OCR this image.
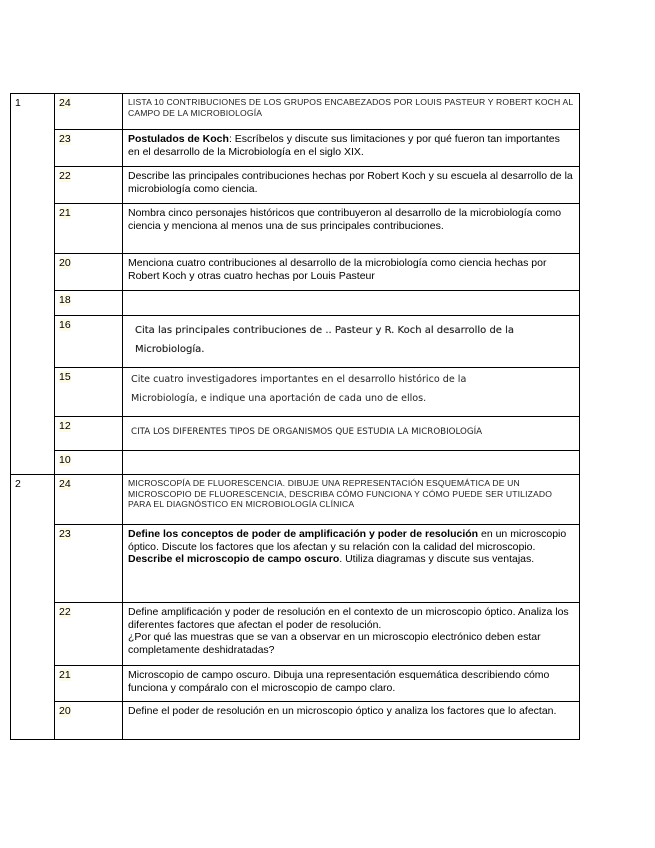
1	24	LISTA 10 CONTRIBUCIONES DE LOS GRUPOS ENCABEZADOS POR LOUIS PASTEUR Y ROBERT KOCH AL CAMPO DE LA MICROBIOLOGÍA
	23	Postulados de Koch: Escríbelos y discute sus limitaciones y por qué fueron tan importantes en el desarrollo de la Microbiología en el siglo XIX.
	22	Describe las principales contribuciones hechas por Robert Koch y su escuela al desarrollo de la microbiología como ciencia.
	21	Nombra cinco personajes históricos que contribuyeron al desarrollo de la microbiología como ciencia y menciona al menos una de sus principales contribuciones.
	20	Menciona cuatro contribuciones al desarrollo de la microbiología como ciencia hechas por Robert Koch y otras cuatro hechas por Louis Pasteur
	18	
	16	Cita las principales contribuciones de .. Pasteur y R. Koch al desarrollo de la Microbiología.
	15	Cite cuatro investigadores importantes en el desarrollo histórico de la Microbiología, e indique una aportación de cada uno de ellos.
	12	CITA LOS DIFERENTES TIPOS DE ORGANISMOS QUE ESTUDIA LA MICROBIOLOGÍA
	10	
2	24	MICROSCOPÍA DE FLUORESCENCIA. DIBUJE UNA REPRESENTACIÓN ESQUEMÁTICA DE UN MICROSCOPIO DE FLUORESCENCIA, DESCRIBA CÓMO FUNCIONA Y CÓMO PUEDE SER UTILIZADO PARA EL DIAGNÓSTICO EN MICROBIOLOGÍA CLÍNICA
	23	Define los conceptos de poder de amplificación y poder de resolución en un microscopio óptico. Discute los factores que los afectan y su relación con la calidad del microscopio.
Describe el microscopio de campo oscuro. Utiliza diagramas y discute sus ventajas.
	22	Define amplificación y poder de resolución en el contexto de un microscopio óptico. Analiza los diferentes factores que afectan el poder de resolución.
¿Por qué las muestras que se van a observar en un microscopio electrónico deben estar completamente deshidratadas?
	21	Microscopio de campo oscuro. Dibuja una representación esquemática describiendo cómo funciona y compáralo con el microscopio de campo claro.
	20	Define el poder de resolución en un microscopio óptico y analiza los factores que lo afectan.
